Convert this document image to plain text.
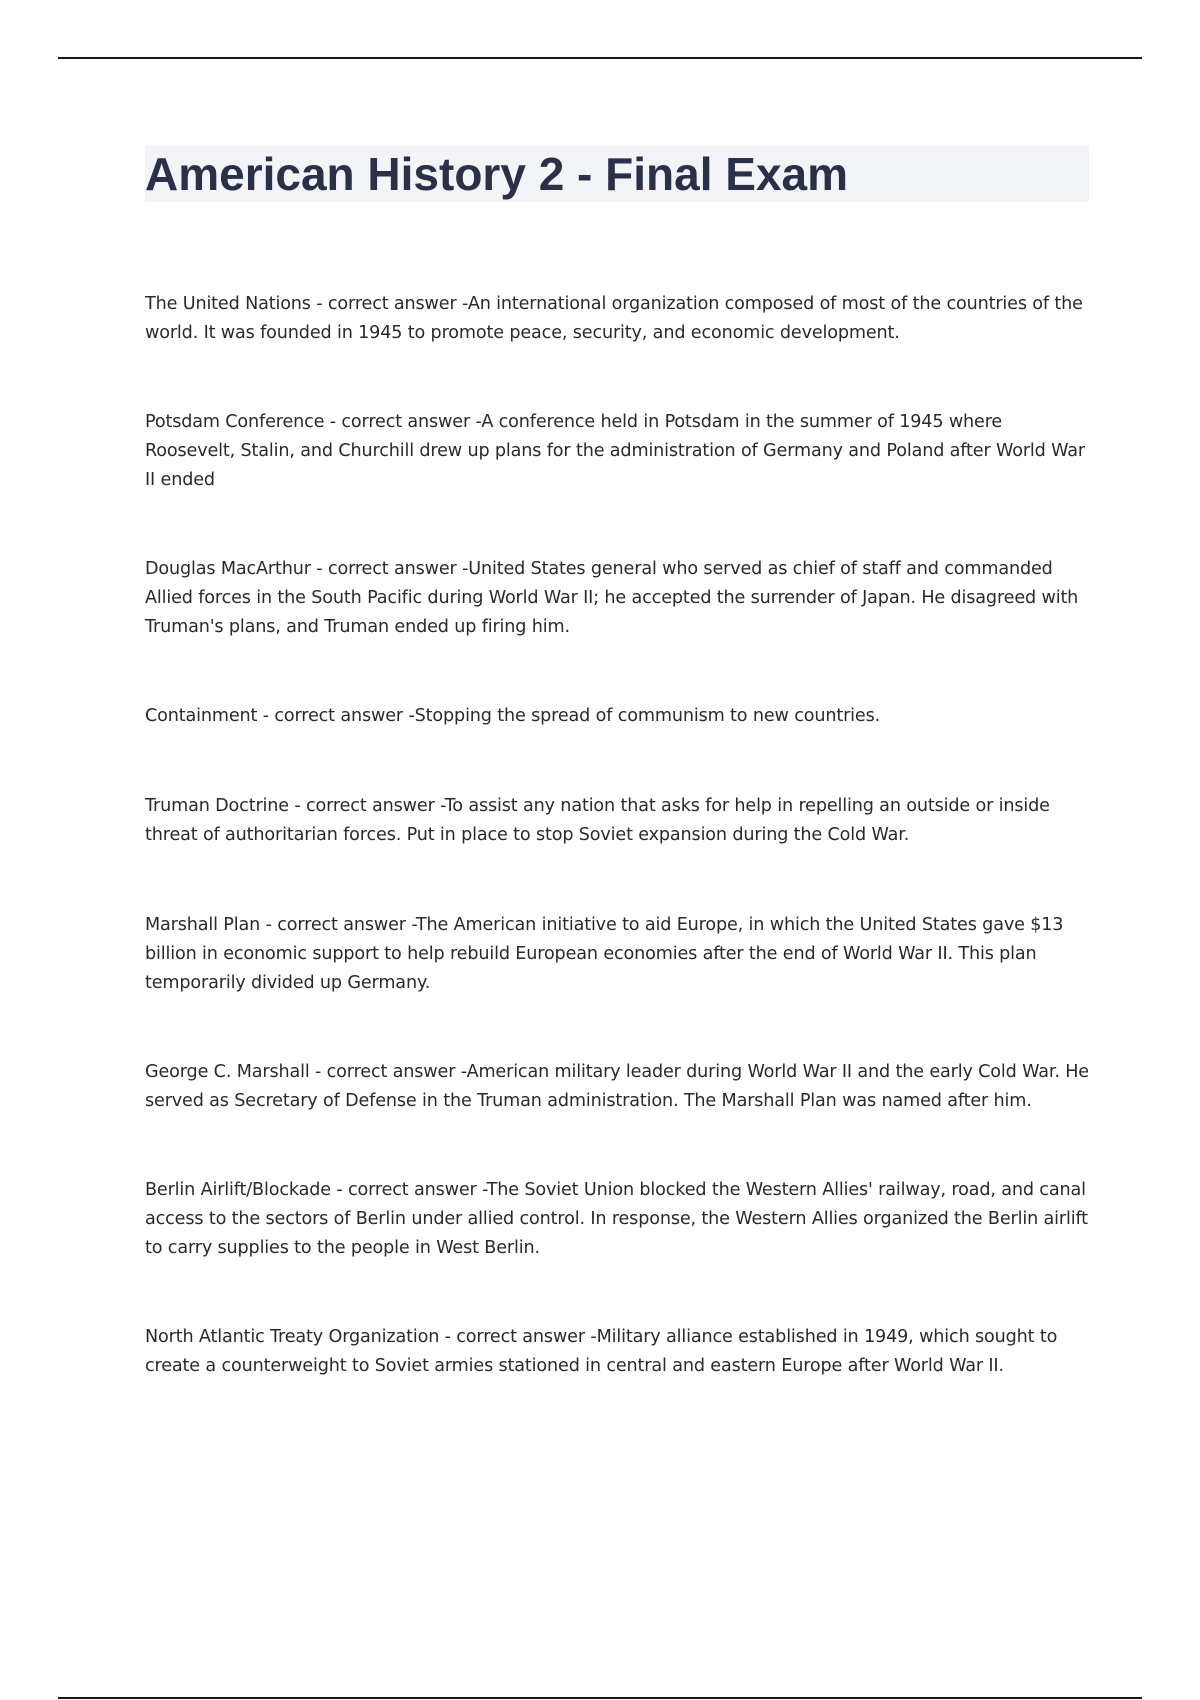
American History 2 - Final Exam

The United Nations - correct answer -An international organization composed of most of the countries of the world. It was founded in 1945 to promote peace, security, and economic development.

Potsdam Conference - correct answer -A conference held in Potsdam in the summer of 1945 where Roosevelt, Stalin, and Churchill drew up plans for the administration of Germany and Poland after World War II ended

Douglas MacArthur - correct answer -United States general who served as chief of staff and commanded Allied forces in the South Pacific during World War II; he accepted the surrender of Japan. He disagreed with Truman's plans, and Truman ended up firing him.

Containment - correct answer -Stopping the spread of communism to new countries.

Truman Doctrine - correct answer -To assist any nation that asks for help in repelling an outside or inside threat of authoritarian forces. Put in place to stop Soviet expansion during the Cold War.

Marshall Plan - correct answer -The American initiative to aid Europe, in which the United States gave $13 billion in economic support to help rebuild European economies after the end of World War II. This plan temporarily divided up Germany.

George C. Marshall - correct answer -American military leader during World War II and the early Cold War. He served as Secretary of Defense in the Truman administration. The Marshall Plan was named after him.

Berlin Airlift/Blockade - correct answer -The Soviet Union blocked the Western Allies' railway, road, and canal access to the sectors of Berlin under allied control. In response, the Western Allies organized the Berlin airlift to carry supplies to the people in West Berlin.

North Atlantic Treaty Organization - correct answer -Military alliance established in 1949, which sought to create a counterweight to Soviet armies stationed in central and eastern Europe after World War II.
